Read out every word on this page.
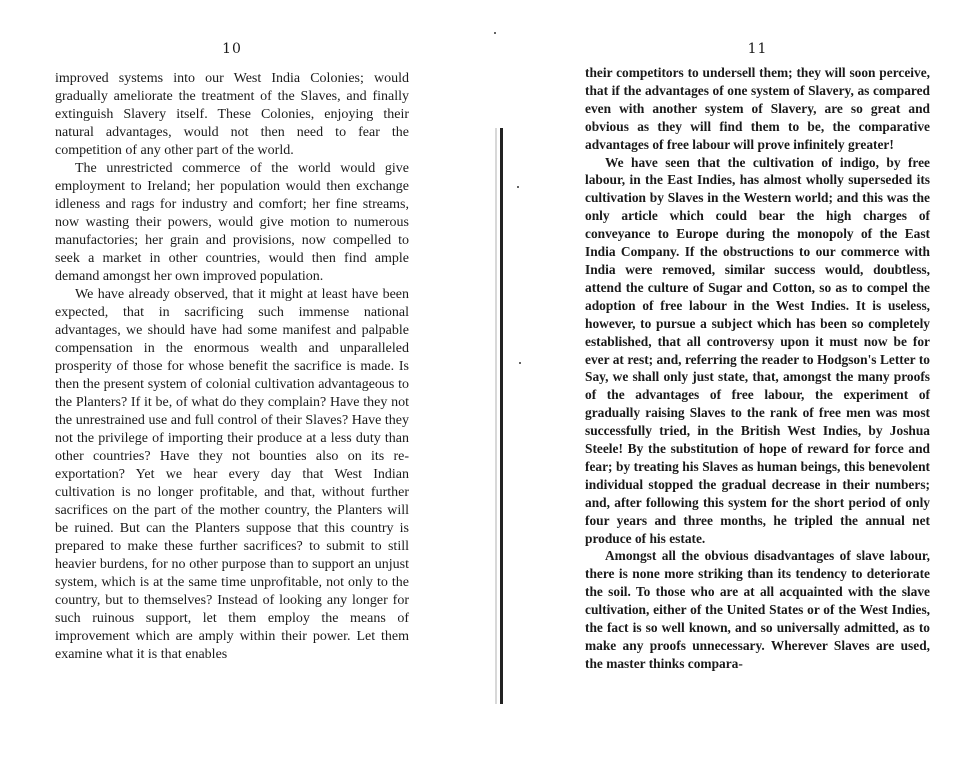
10

improved systems into our West India Colonies; would gradually ameliorate the treatment of the Slaves, and finally extinguish Slavery itself. These Colonies, enjoying their natural advantages, would not then need to fear the competition of any other part of the world.

The unrestricted commerce of the world would give employment to Ireland; her population would then exchange idleness and rags for industry and comfort; her fine streams, now wasting their powers, would give motion to numerous manufactories; her grain and provisions, now compelled to seek a market in other countries, would then find ample demand amongst her own improved population.

We have already observed, that it might at least have been expected, that in sacrificing such immense national advantages, we should have had some manifest and palpable compensation in the enormous wealth and unparalleled prosperity of those for whose benefit the sacrifice is made. Is then the present system of colonial cultivation advantageous to the Planters? If it be, of what do they complain? Have they not the unrestrained use and full control of their Slaves? Have they not the privilege of importing their produce at a less duty than other countries? Have they not bounties also on its re-exportation? Yet we hear every day that West Indian cultivation is no longer profitable, and that, without further sacrifices on the part of the mother country, the Planters will be ruined. But can the Planters suppose that this country is prepared to make these further sacrifices? to submit to still heavier burdens, for no other purpose than to support an unjust system, which is at the same time unprofitable, not only to the country, but to themselves? Instead of looking any longer for such ruinous support, let them employ the means of improvement which are amply within their power. Let them examine what it is that enables

11

their competitors to undersell them; they will soon perceive, that if the advantages of one system of Slavery, as compared even with another system of Slavery, are so great and obvious as they will find them to be, the comparative advantages of free labour will prove infinitely greater!

We have seen that the cultivation of indigo, by free labour, in the East Indies, has almost wholly superseded its cultivation by Slaves in the Western world; and this was the only article which could bear the high charges of conveyance to Europe during the monopoly of the East India Company. If the obstructions to our commerce with India were removed, similar success would, doubtless, attend the culture of Sugar and Cotton, so as to compel the adoption of free labour in the West Indies. It is useless, however, to pursue a subject which has been so completely established, that all controversy upon it must now be for ever at rest; and, referring the reader to Hodgson's Letter to Say, we shall only just state, that, amongst the many proofs of the advantages of free labour, the experiment of gradually raising Slaves to the rank of free men was most successfully tried, in the British West Indies, by Joshua Steele! By the substitution of hope of reward for force and fear; by treating his Slaves as human beings, this benevolent individual stopped the gradual decrease in their numbers; and, after following this system for the short period of only four years and three months, he tripled the annual net produce of his estate.

Amongst all the obvious disadvantages of slave labour, there is none more striking than its tendency to deteriorate the soil. To those who are at all acquainted with the slave cultivation, either of the United States or of the West Indies, the fact is so well known, and so universally admitted, as to make any proofs unnecessary. Wherever Slaves are used, the master thinks compara-
